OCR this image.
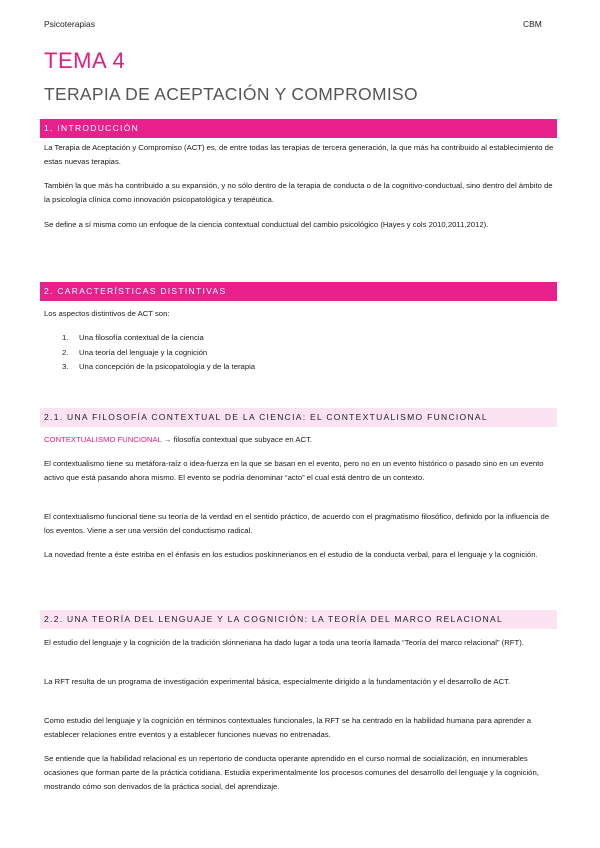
Psicoterapias	CBM
TEMA 4
TERAPIA DE ACEPTACIÓN Y COMPROMISO
1. INTRODUCCIÓN
La Terapia de Aceptación y Compromiso (ACT) es, de entre todas las terapias de tercera generación, la que más ha contribuido al establecimiento de estas nuevas terapias.
También la que más ha contribuido a su expansión, y no sólo dentro de la terapia de conducta o de la cognitivo-conductual, sino dentro del ámbito de la psicología clínica como innovación psicopatológica y terapéutica.
Se define a sí misma como un enfoque de la ciencia contextual conductual del cambio psicológico (Hayes y cols 2010,2011,2012).
2. CARACTERÍSTICAS DISTINTIVAS
Los aspectos distintivos de ACT son:
1. Una filosofía contextual de la ciencia
2. Una teoría del lenguaje y la cognición
3. Una concepción de la psicopatología y de la terapia
2.1. UNA FILOSOFÍA CONTEXTUAL DE LA CIENCIA: EL CONTEXTUALISMO FUNCIONAL
CONTEXTUALISMO FUNCIONAL → filosofía contextual que subyace en ACT.
El contextualismo tiene su metáfora-raíz o idea-fuerza en la que se basan en el evento, pero no en un evento histórico o pasado sino en un evento activo que está pasando ahora mismo. El evento se podría denominar “acto” el cual está dentro de un contexto.
El contextualismo funcional tiene su teoría de la verdad en el sentido práctico, de acuerdo con el pragmatismo filosófico, definido por la influencia de los eventos. Viene a ser una versión del conductismo radical.
La novedad frente a éste estriba en el énfasis en los estudios poskinnerianos en el estudio de la conducta verbal, para el lenguaje y la cognición.
2.2. UNA TEORÍA DEL LENGUAJE Y LA COGNICIÓN: LA TEORÍA DEL MARCO RELACIONAL
El estudio del lenguaje y la cognición de la tradición skinneriana ha dado lugar a toda una teoría llamada “Teoría del marco relacional” (RFT).
La RFT resulta de un programa de investigación experimental básica, especialmente dirigido a la fundamentación y el desarrollo de ACT.
Como estudio del lenguaje y la cognición en términos contextuales funcionales, la RFT se ha centrado en la habilidad humana para aprender a establecer relaciones entre eventos y a establecer funciones nuevas no entrenadas.
Se entiende que la habilidad relacional es un repertorio de conducta operante aprendido en el curso normal de socialización, en innumerables ocasiones que forman parte de la práctica cotidiana. Estudia experimentalmente los procesos comunes del desarrollo del lenguaje y la cognición, mostrando cómo son derivados de la práctica social, del aprendizaje.
